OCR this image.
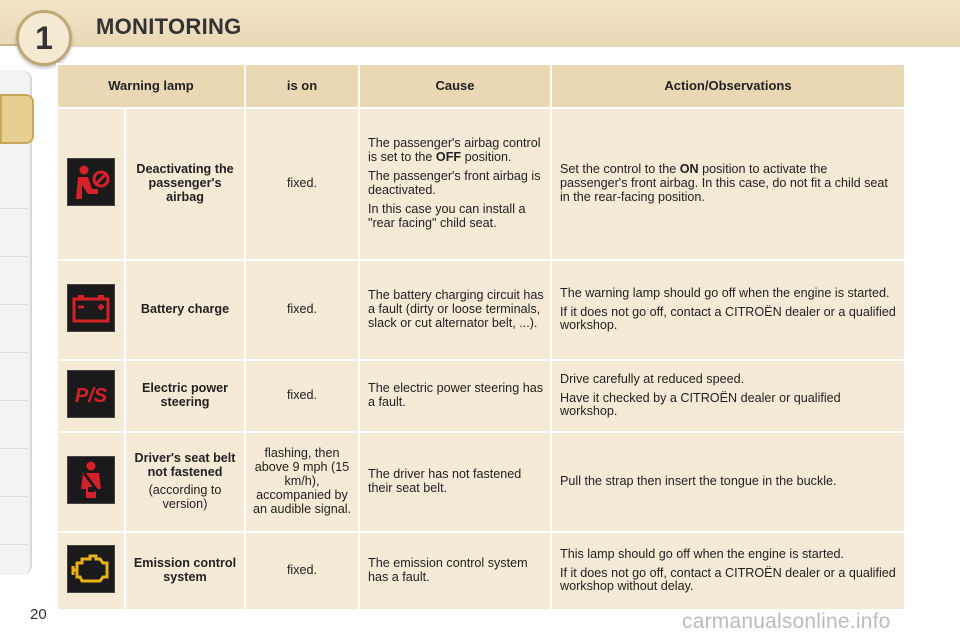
1	MONITORING
Warning lamp		is on	Cause	Action/Observations

	Deactivating the passenger's airbag	fixed.	The passenger's airbag control is set to the OFF position.

The passenger's front airbag is deactivated.

In this case you can install a "rear facing" child seat.	Set the control to the ON position to activate the passenger's front airbag. In this case, do not fit a child seat in the rear-facing position.

	Battery charge	fixed.	The battery charging circuit has a fault (dirty or loose terminals, slack or cut alternator belt, ...).	The warning lamp should go off when the engine is started.

If it does not go off, contact a CITROËN dealer or a qualified workshop.

P/S	Electric power steering	fixed.	The electric power steering has a fault.	Drive carefully at reduced speed.

Have it checked by a CITROËN dealer or qualified workshop.

	Driver's seat belt not fastened
(according to version)	flashing, then above 9 mph (15 km/h), accompanied by an audible signal.	The driver has not fastened their seat belt.	Pull the strap then insert the tongue in the buckle.

	Emission control system	fixed.	The emission control system has a fault.	This lamp should go off when the engine is started.

If it does not go off, contact a CITROËN dealer or a qualified workshop without delay.

20	carmanualsonline.info
